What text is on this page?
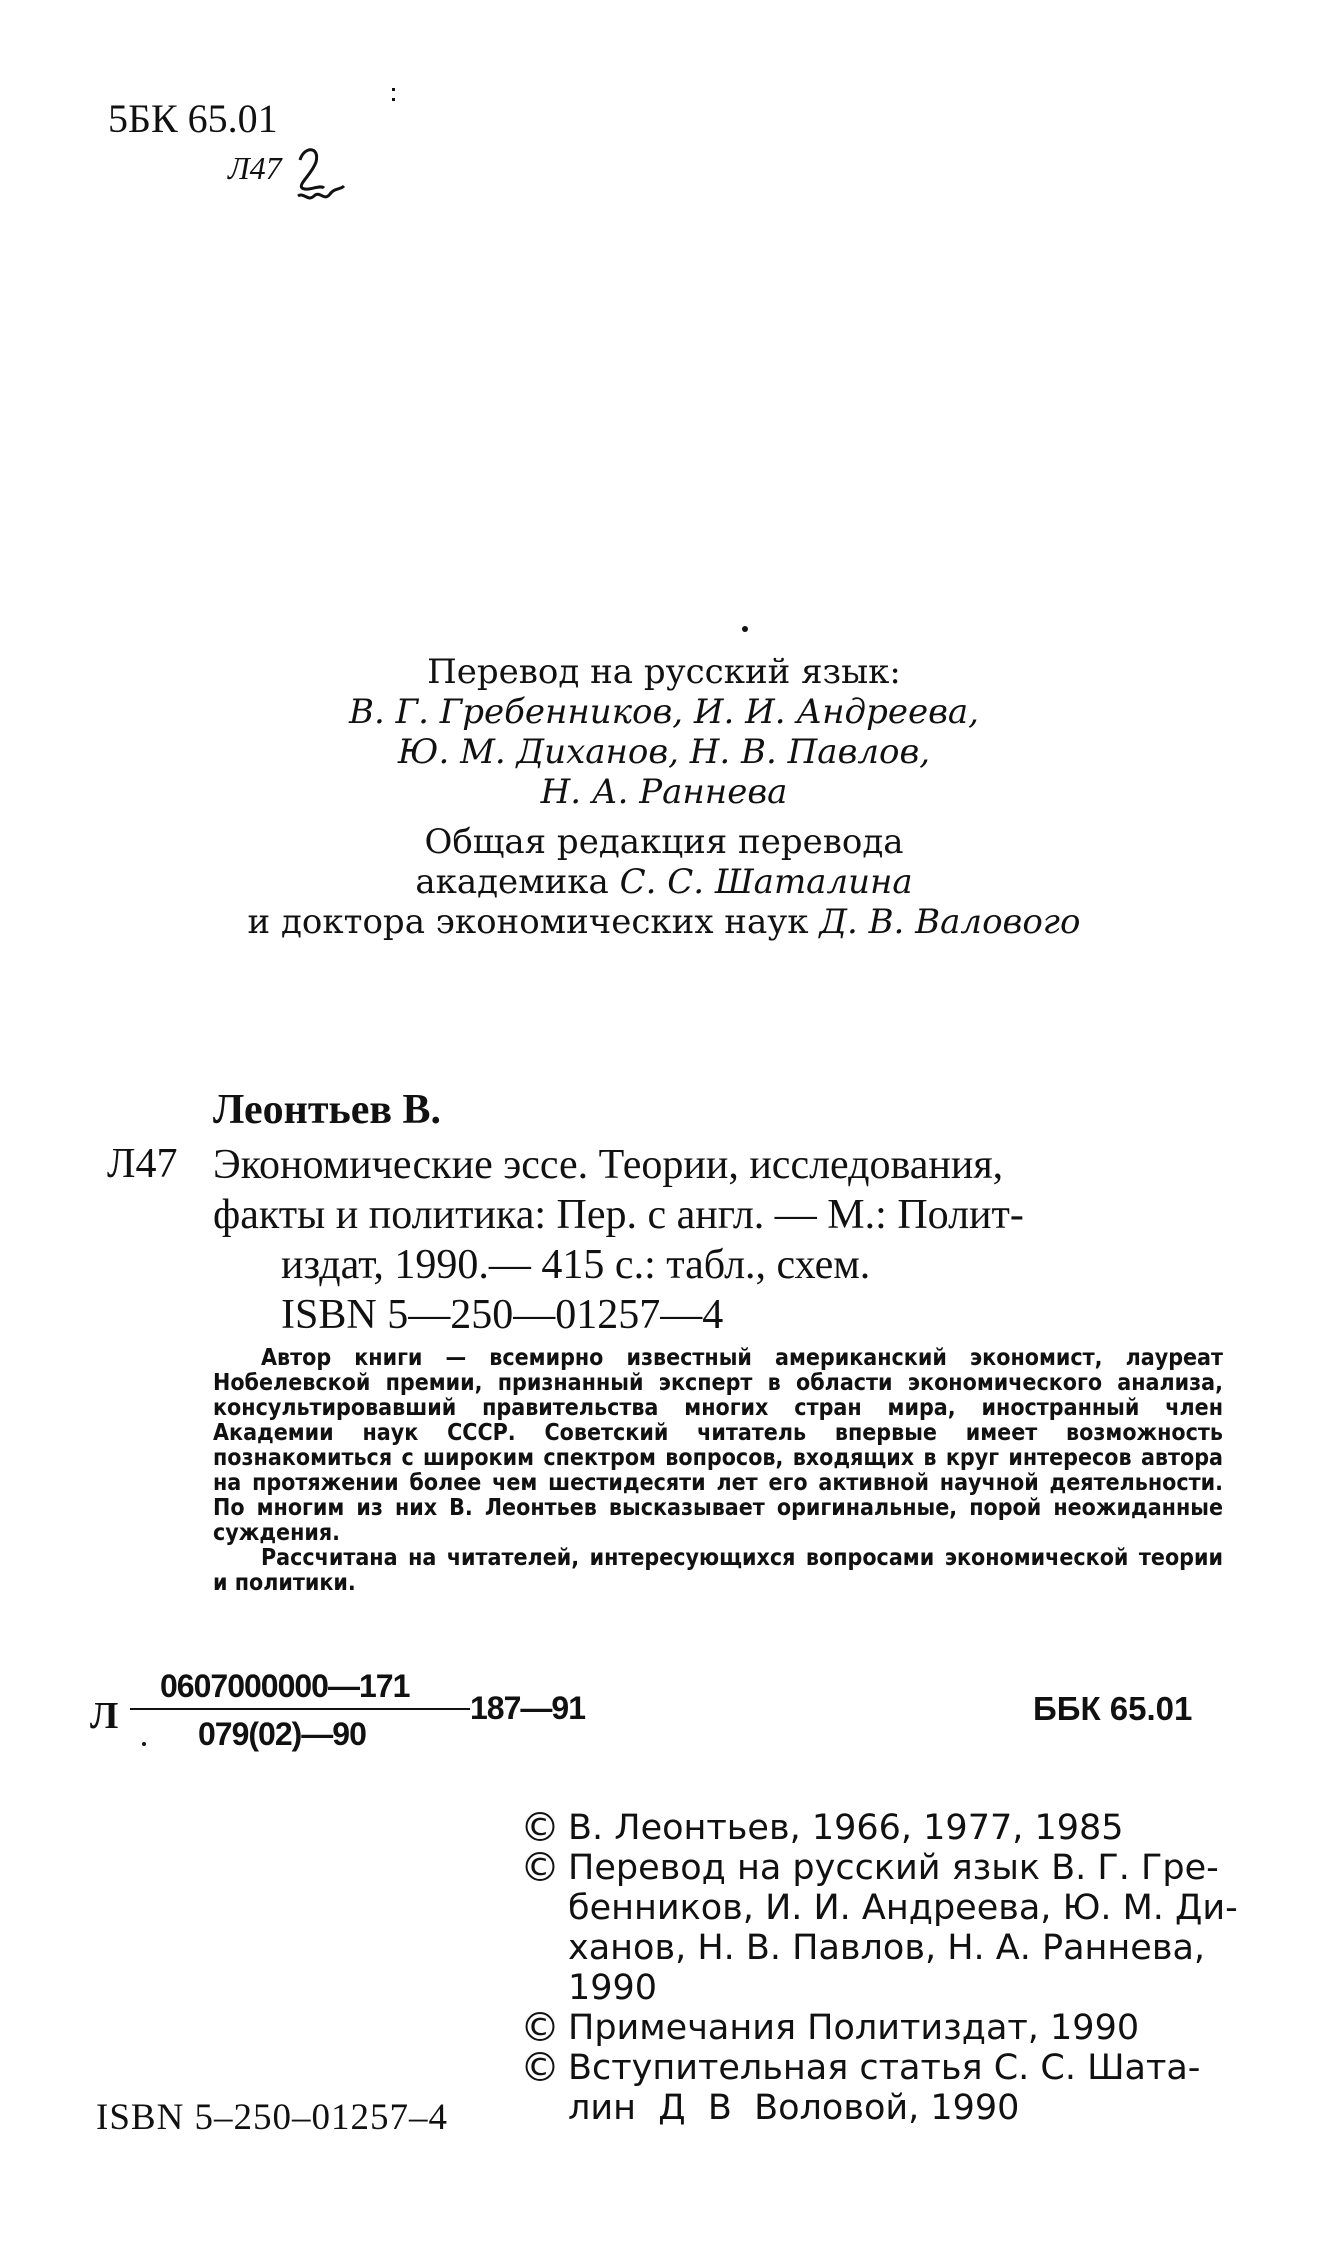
5БК 65.01
Л47
Перевод на русский язык:
В. Г. Гребенников, И. И. Андреева,
Ю. М. Диханов, Н. В. Павлов,
Н. А. Раннева
Общая редакция перевода
академика С. С. Шаталина
и доктора экономических наук Д. В. Валового
Леонтьев В.
Л47 Экономические эссе. Теории, исследования,
факты и политика: Пер. с англ. — М.: Полит-
издат, 1990.— 415 с.: табл., схем.
ISBN 5—250—01257—4

Автор книги — всемирно известный американский экономист, лауреат Нобелевской премии, признанный эксперт в области экономического анализа, консультировавший правительства многих стран мира, иностранный член Академии наук СССР. Советский читатель впервые имеет возможность познакомиться с широким спектром вопросов, входящих в круг интересов автора на протяжении более чем шестидесяти лет его активной научной деятельности. По многим из них В. Леонтьев высказывает оригинальные, порой неожиданные суждения.

Рассчитана на читателей, интересующихся вопросами экономической теории и политики.

Л
0607000000—171
079(02)—90
187—91	ББК 65.01
© В. Леонтьев, 1966, 1977, 1985
© Перевод на русский язык В. Г. Гре-
бенников, И. И. Андреева, Ю. М. Ди-
ханов, Н. В. Павлов, Н. А. Раннева,
1990
© Примечания Политиздат, 1990
© Вступительная статья С. С. Шата-
лин  Д  В  Воловой, 1990
ISBN 5–250–01257–4
